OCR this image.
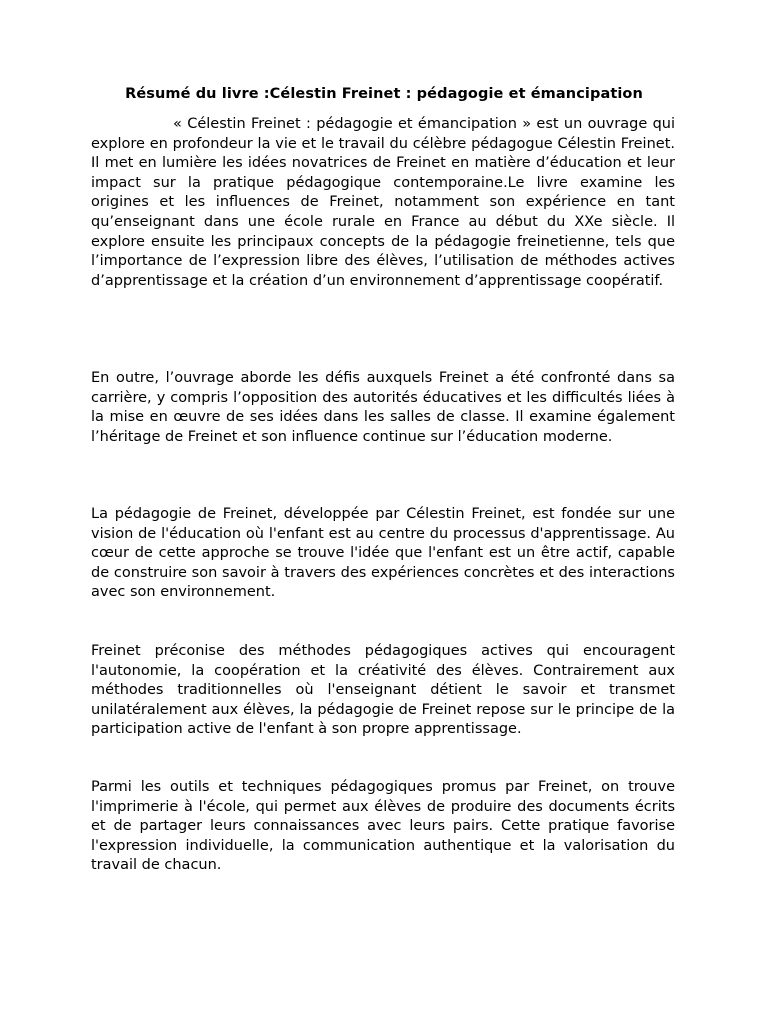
Résumé du livre :Célestin Freinet : pédagogie et émancipation

« Célestin Freinet : pédagogie et émancipation » est un ouvrage qui explore en profondeur la vie et le travail du célèbre pédagogue Célestin Freinet. Il met en lumière les idées novatrices de Freinet en matière d’éducation et leur impact sur la pratique pédagogique contemporaine.Le livre examine les origines et les influences de Freinet, notamment son expérience en tant qu’enseignant dans une école rurale en France au début du XXe siècle. Il explore ensuite les principaux concepts de la pédagogie freinetienne, tels que l’importance de l’expression libre des élèves, l’utilisation de méthodes actives d’apprentissage et la création d’un environnement d’apprentissage coopératif.

En outre, l’ouvrage aborde les défis auxquels Freinet a été confronté dans sa carrière, y compris l’opposition des autorités éducatives et les difficultés liées à la mise en œuvre de ses idées dans les salles de classe. Il examine également l’héritage de Freinet et son influence continue sur l’éducation moderne.

La pédagogie de Freinet, développée par Célestin Freinet, est fondée sur une vision de l'éducation où l'enfant est au centre du processus d'apprentissage. Au cœur de cette approche se trouve l'idée que l'enfant est un être actif, capable de construire son savoir à travers des expériences concrètes et des interactions avec son environnement.

Freinet préconise des méthodes pédagogiques actives qui encouragent l'autonomie, la coopération et la créativité des élèves. Contrairement aux méthodes traditionnelles où l'enseignant détient le savoir et transmet unilatéralement aux élèves, la pédagogie de Freinet repose sur le principe de la participation active de l'enfant à son propre apprentissage.

Parmi les outils et techniques pédagogiques promus par Freinet, on trouve l'imprimerie à l'école, qui permet aux élèves de produire des documents écrits et de partager leurs connaissances avec leurs pairs. Cette pratique favorise l'expression individuelle, la communication authentique et la valorisation du travail de chacun.
